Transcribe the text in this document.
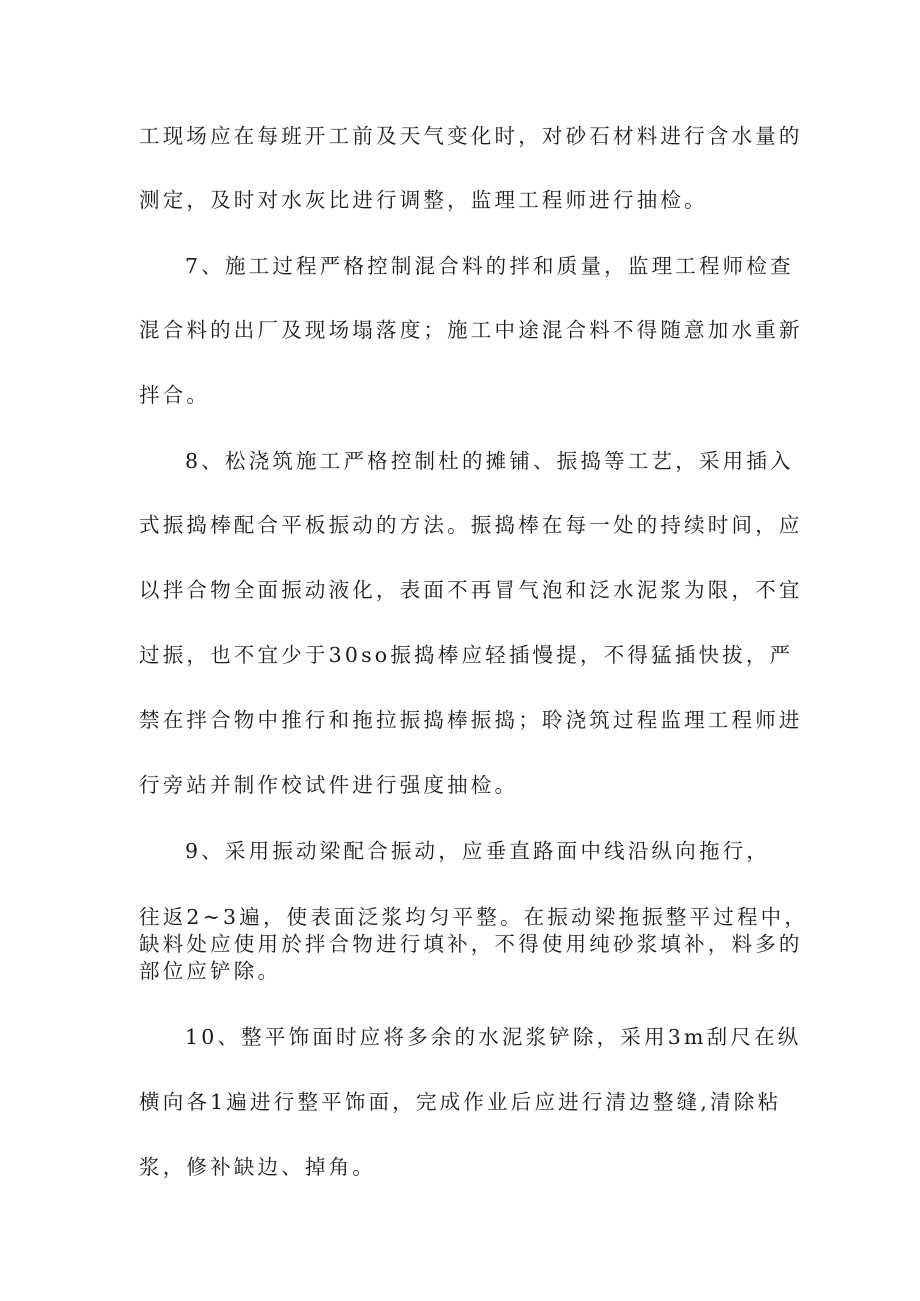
工现场应在每班开工前及天气变化时，对砂石材料进行含水量的
测定，及时对水灰比进行调整，监理工程师进行抽检。
7、施工过程严格控制混合料的拌和质量，监理工程师检查
混合料的出厂及现场塌落度；施工中途混合料不得随意加水重新
拌合。
8、松浇筑施工严格控制杜的摊铺、振捣等工艺，采用插入
式振捣棒配合平板振动的方法。振捣棒在每一处的持续时间，应
以拌合物全面振动液化，表面不再冒气泡和泛水泥浆为限，不宜
过振，也不宜少于30so振捣棒应轻插慢提，不得猛插快拔，严
禁在拌合物中推行和拖拉振捣棒振捣；聆浇筑过程监理工程师进
行旁站并制作校试件进行强度抽检。
9、采用振动梁配合振动，应垂直路面中线沿纵向拖行，
往返2~3遍，使表面泛浆均匀平整。在振动梁拖振整平过程中，
缺料处应使用於拌合物进行填补，不得使用纯砂浆填补，料多的
部位应铲除。
10、整平饰面时应将多余的水泥浆铲除，采用3m刮尺在纵
横向各1遍进行整平饰面，完成作业后应进行清边整缝,清除粘
浆，修补缺边、掉角。
